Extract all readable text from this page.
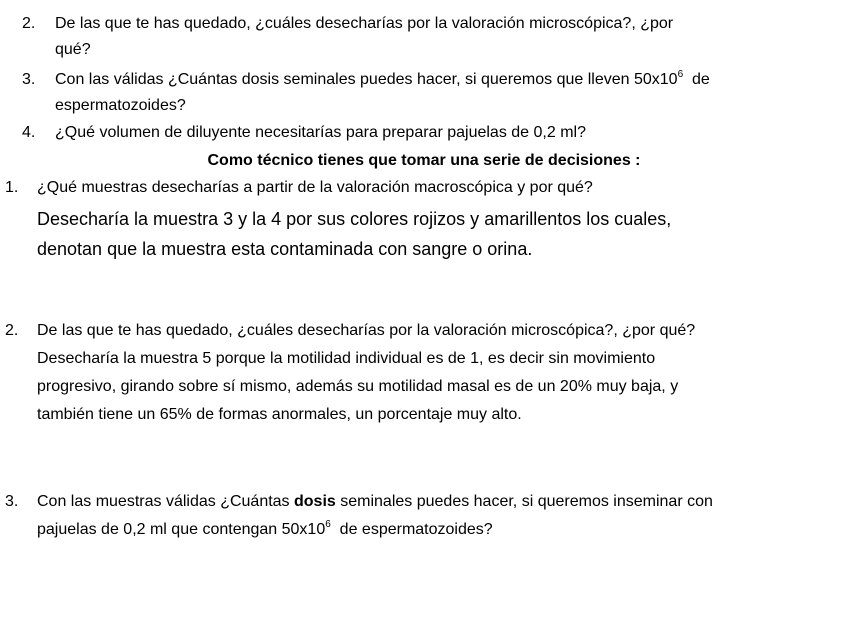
2. De las que te has quedado, ¿cuáles desecharías por la valoración microscópica?, ¿por
qué?
3. Con las válidas ¿Cuántas dosis seminales puedes hacer, si queremos que lleven $50x10^6$  de
espermatozoides?
4. ¿Qué volumen de diluyente necesitarías para preparar pajuelas de 0,2 ml?
Como técnico tienes que tomar una serie de decisiones :
1. ¿Qué muestras desecharías a partir de la valoración macroscópica y por qué?
Desecharía la muestra 3 y la 4 por sus colores rojizos y amarillentos los cuales,
denotan que la muestra esta contaminada con sangre o orina.
2. De las que te has quedado, ¿cuáles desecharías por la valoración microscópica?, ¿por qué?
Desecharía la muestra 5 porque la motilidad individual es de 1, es decir sin movimiento
progresivo, girando sobre sí mismo, además su motilidad masal es de un 20% muy baja, y
también tiene un 65% de formas anormales, un porcentaje muy alto.
3. Con las muestras válidas ¿Cuántas dosis seminales puedes hacer, si queremos inseminar con
pajuelas de 0,2 ml que contengan $50x10^6$  de espermatozoides?
